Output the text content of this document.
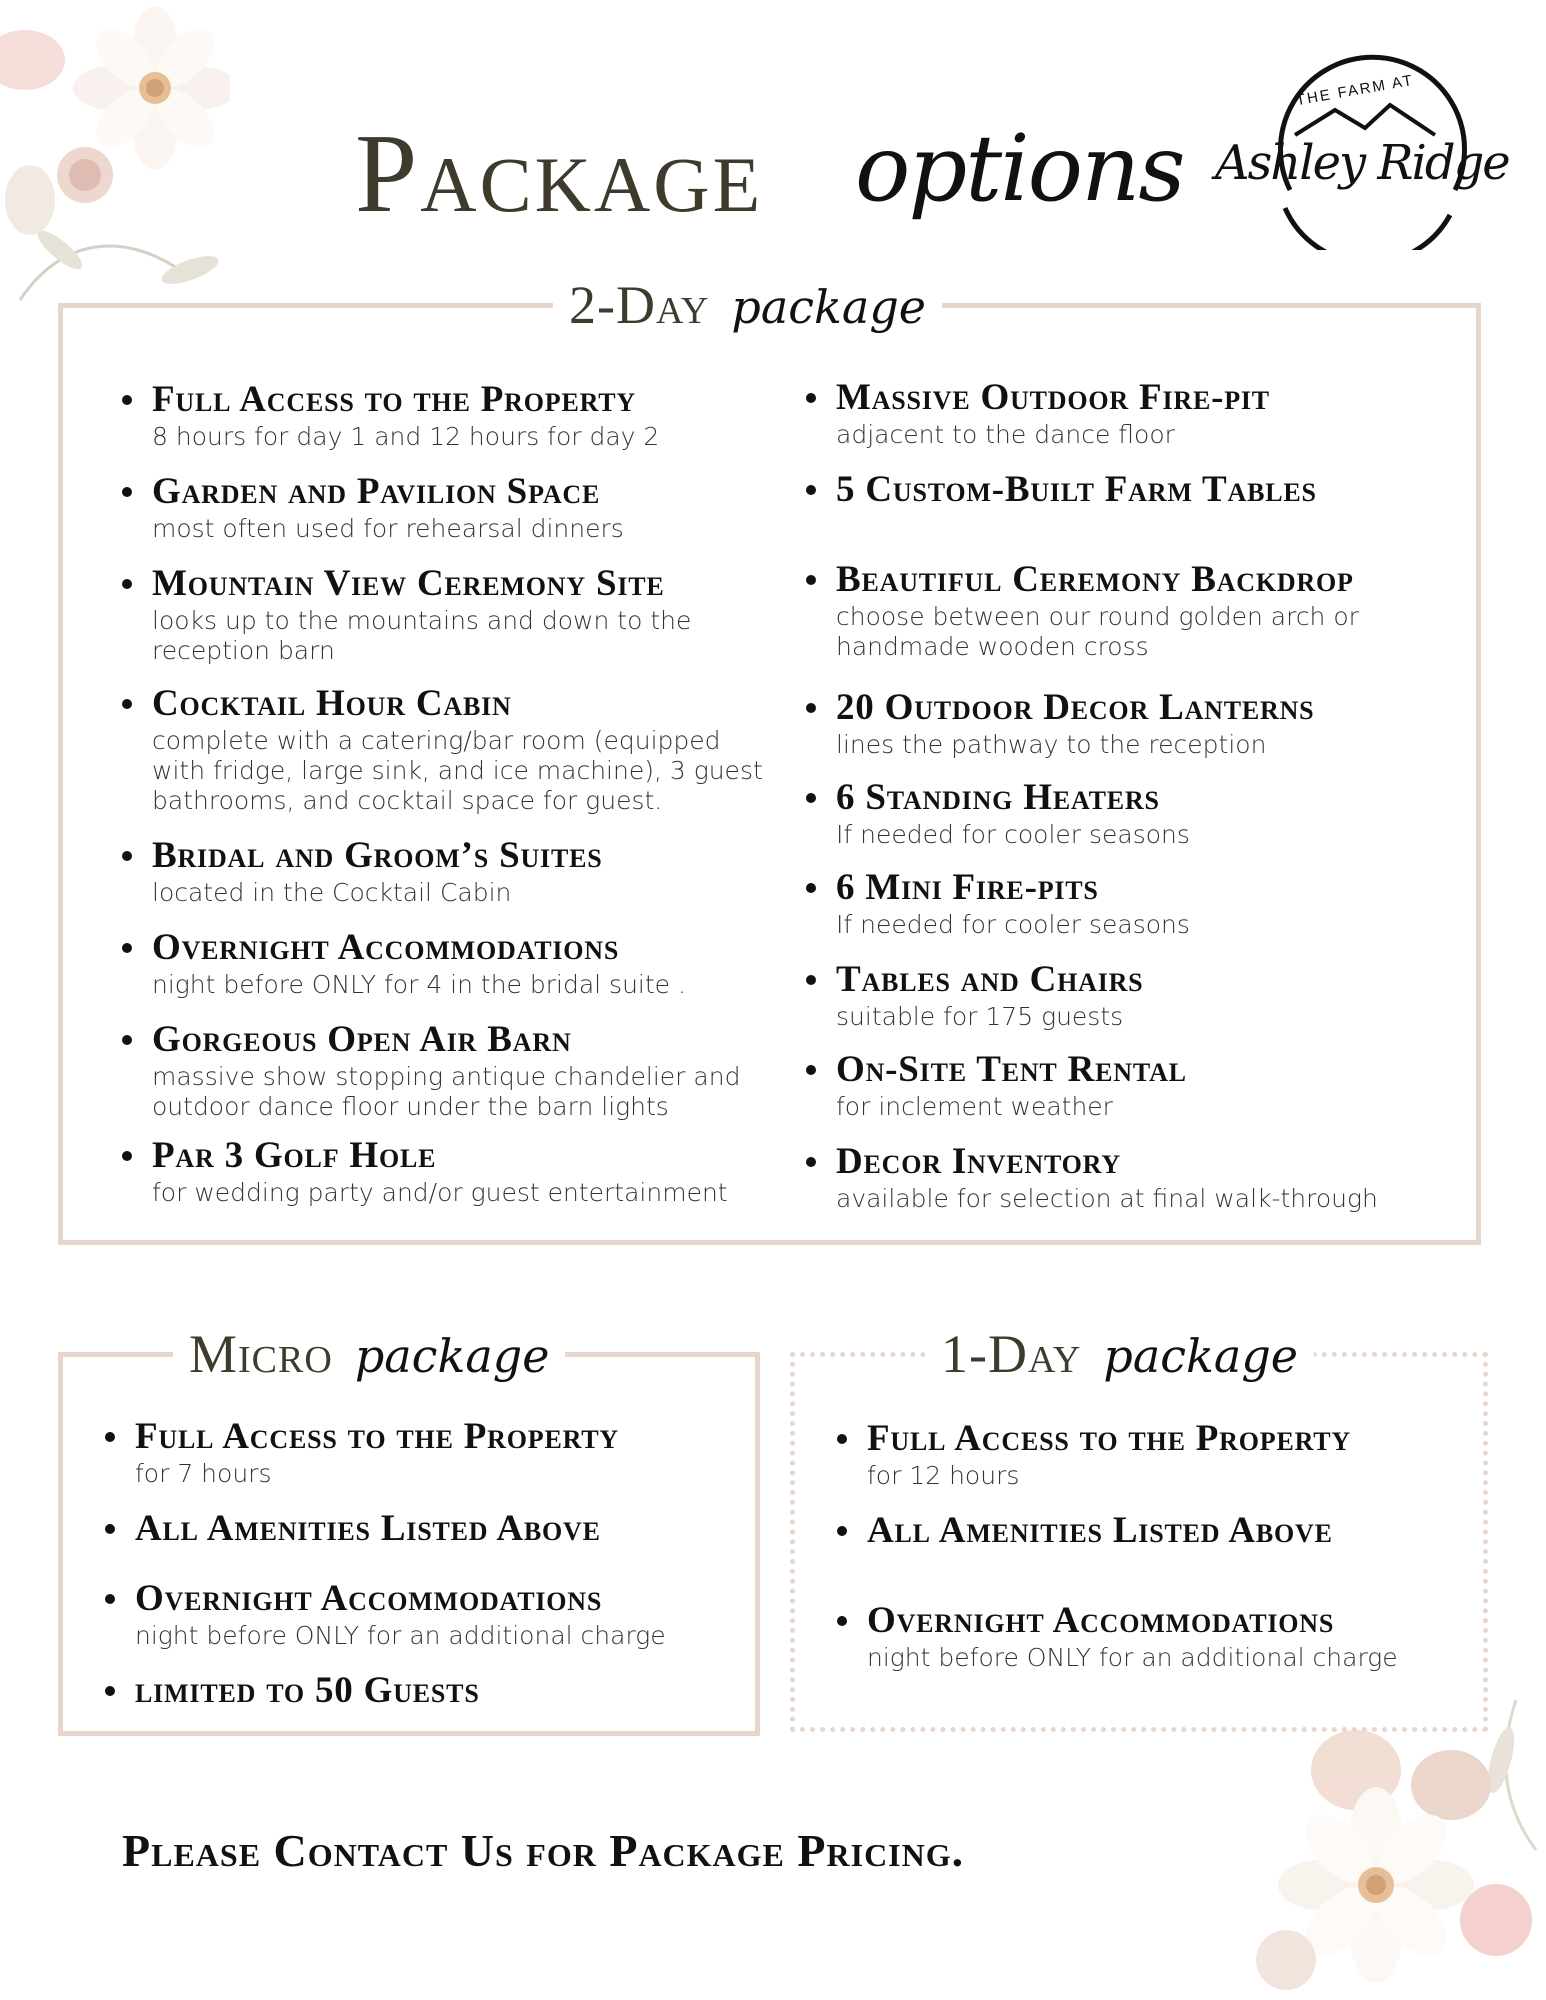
Package options
THE FARM AT
Ashley Ridge
2-Day package
Full Access to the Property
8 hours for day 1 and 12 hours for day 2
Garden and Pavilion Space
most often used for rehearsal dinners
Mountain View Ceremony Site
looks up to the mountains and down to the reception barn
Cocktail Hour Cabin
complete with a catering/bar room (equipped with fridge, large sink, and ice machine), 3 guest bathrooms, and cocktail space for guest.
Bridal and Groom’s Suites
located in the Cocktail Cabin
Overnight Accommodations
night before ONLY for 4 in the bridal suite .
Gorgeous Open Air Barn
massive show stopping antique chandelier and outdoor dance floor under the barn lights
Par 3 Golf Hole
for wedding party and/or guest entertainment
Massive Outdoor Fire-pit
adjacent to the dance floor
5 Custom-Built Farm Tables
Beautiful Ceremony Backdrop
choose between our round golden arch or handmade wooden cross
20 Outdoor Decor Lanterns
lines the pathway to the reception
6 Standing Heaters
If needed for cooler seasons
6 Mini Fire-pits
If needed for cooler seasons
Tables and Chairs
suitable for 175 guests
On-Site Tent Rental
for inclement weather
Decor Inventory
available for selection at final walk-through
Micro package
Full Access to the Property
for 7 hours
All Amenities Listed Above
Overnight Accommodations
night before ONLY for an additional charge
limited to 50 Guests
1-Day package
Full Access to the Property
for 12 hours
All Amenities Listed Above
Overnight Accommodations
night before ONLY for an additional charge
Please Contact Us for Package Pricing.
